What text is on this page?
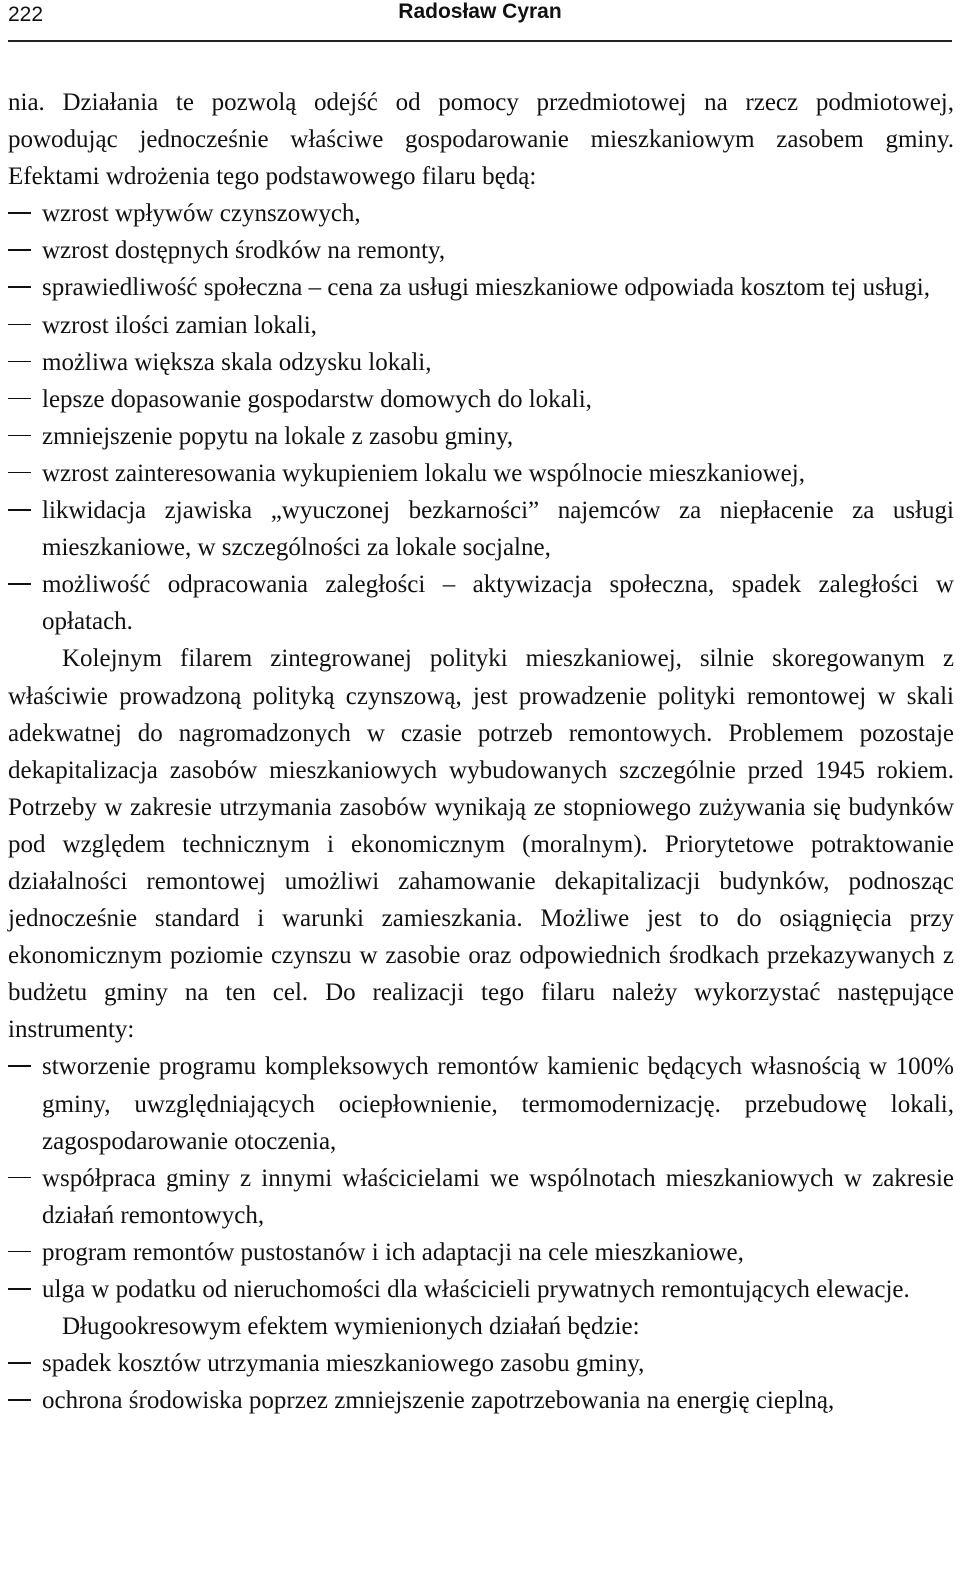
222	Radosław Cyran

nia. Działania te pozwolą odejść od pomocy przedmiotowej na rzecz podmiotowej, powodując jednocześnie właściwe gospodarowanie mieszkaniowym zasobem gminy. Efektami wdrożenia tego podstawowego filaru będą:

wzrost wpływów czynszowych,
wzrost dostępnych środków na remonty,
sprawiedliwość społeczna – cena za usługi mieszkaniowe odpowiada kosztom tej usługi,
wzrost ilości zamian lokali,
możliwa większa skala odzysku lokali,
lepsze dopasowanie gospodarstw domowych do lokali,
zmniejszenie popytu na lokale z zasobu gminy,
wzrost zainteresowania wykupieniem lokalu we wspólnocie mieszkaniowej,
likwidacja zjawiska „wyuczonej bezkarności” najemców za niepłacenie za usługi mieszkaniowe, w szczególności za lokale socjalne,
możliwość odpracowania zaległości – aktywizacja społeczna, spadek zaległości w opłatach.

Kolejnym filarem zintegrowanej polityki mieszkaniowej, silnie skoregowanym z właściwie prowadzoną polityką czynszową, jest prowadzenie polityki remontowej w skali adekwatnej do nagromadzonych w czasie potrzeb remontowych. Problemem pozostaje dekapitalizacja zasobów mieszkaniowych wybudowanych szczególnie przed 1945 rokiem. Potrzeby w zakresie utrzymania zasobów wynikają ze stopniowego zużywania się budynków pod względem technicznym i ekonomicznym (moralnym). Priorytetowe potraktowanie działalności remontowej umożliwi zahamowanie dekapitalizacji budynków, podnosząc jednocześnie standard i warunki zamieszkania. Możliwe jest to do osiągnięcia przy ekonomicznym poziomie czynszu w zasobie oraz odpowiednich środkach przekazywanych z budżetu gminy na ten cel. Do realizacji tego filaru należy wykorzystać następujące instrumenty:

stworzenie programu kompleksowych remontów kamienic będących własnością w 100% gminy, uwzględniających ociepłownienie, termomodernizację. przebudowę lokali, zagospodarowanie otoczenia,
współpraca gminy z innymi właścicielami we wspólnotach mieszkaniowych w zakresie działań remontowych,
program remontów pustostanów i ich adaptacji na cele mieszkaniowe,
ulga w podatku od nieruchomości dla właścicieli prywatnych remontujących elewacje.

Długookresowym efektem wymienionych działań będzie:

spadek kosztów utrzymania mieszkaniowego zasobu gminy,
ochrona środowiska poprzez zmniejszenie zapotrzebowania na energię cieplną,
